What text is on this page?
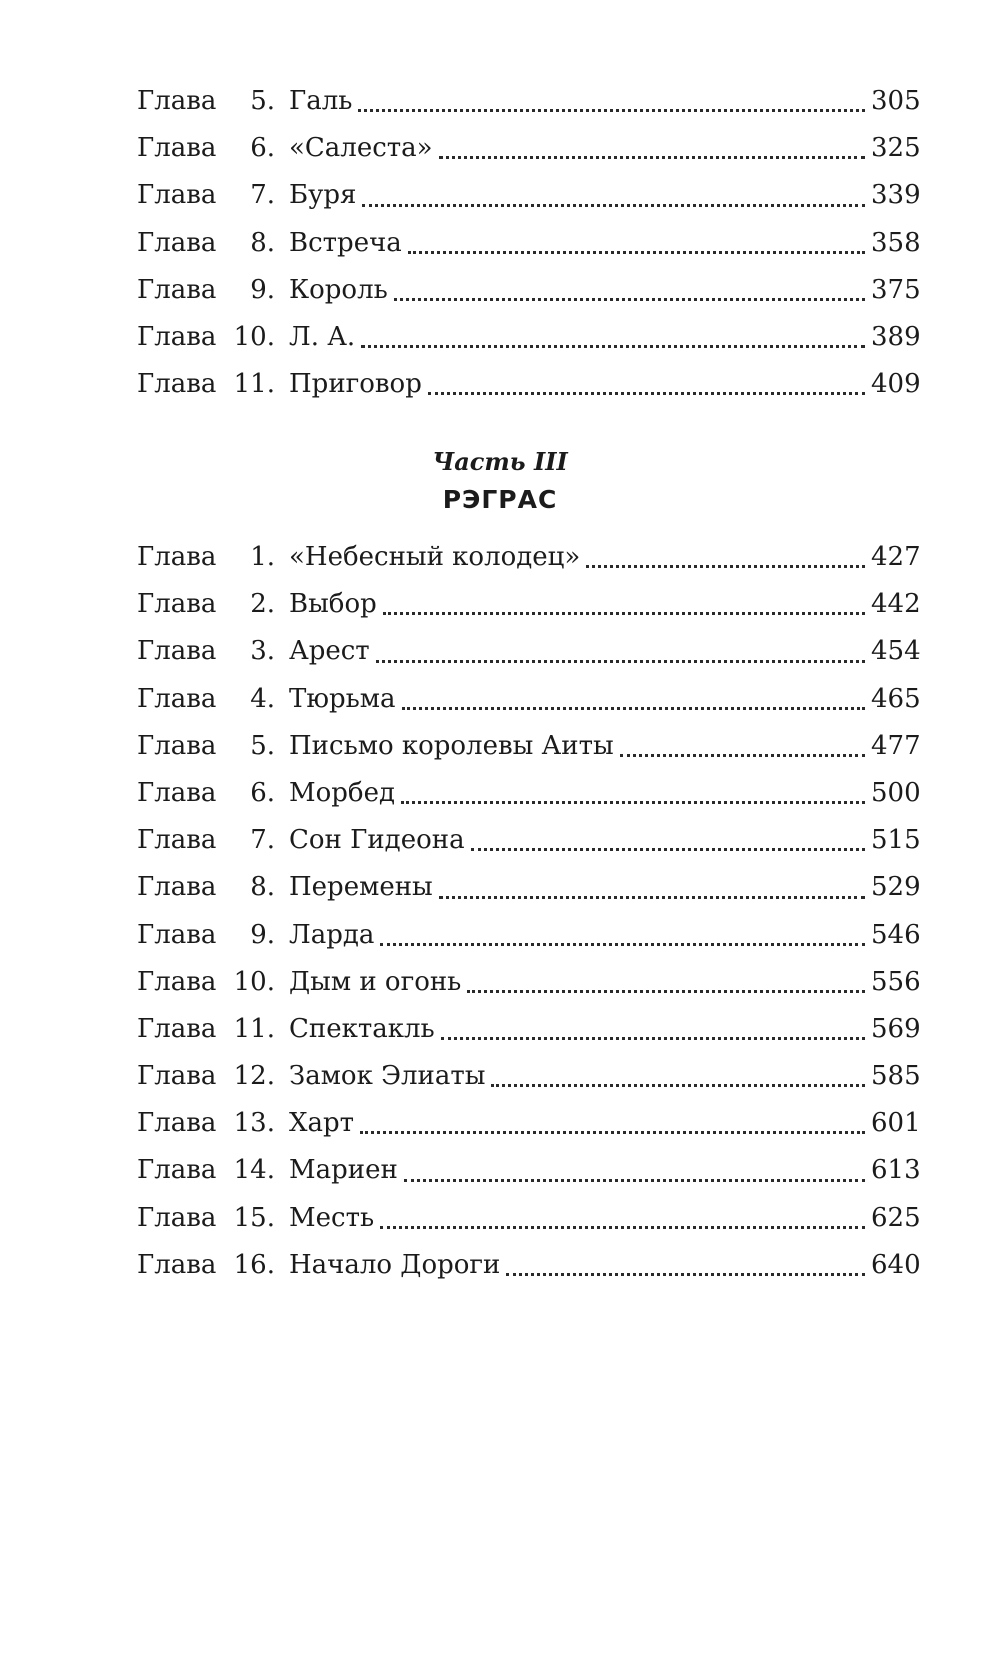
Глава	5. Галь	305
Глава	6. «Салеста»	325
Глава	7. Буря	339
Глава	8. Встреча	358
Глава	9. Король	375
Глава 10. Л. А.	389
Глава 11. Приговор	409
Часть III
РЭГРАС
Глава	1. «Небесный колодец»	427
Глава	2. Выбор	442
Глава	3. Арест	454
Глава	4. Тюрьма	465
Глава	5. Письмо королевы Аиты	477
Глава	6. Морбед	500
Глава	7. Сон Гидеона	515
Глава	8. Перемены	529
Глава	9. Ларда	546
Глава 10. Дым и огонь	556
Глава 11. Спектакль	569
Глава 12. Замок Элиаты	585
Глава 13. Харт	601
Глава 14. Мариен	613
Глава 15. Месть	625
Глава 16. Начало Дороги	640
